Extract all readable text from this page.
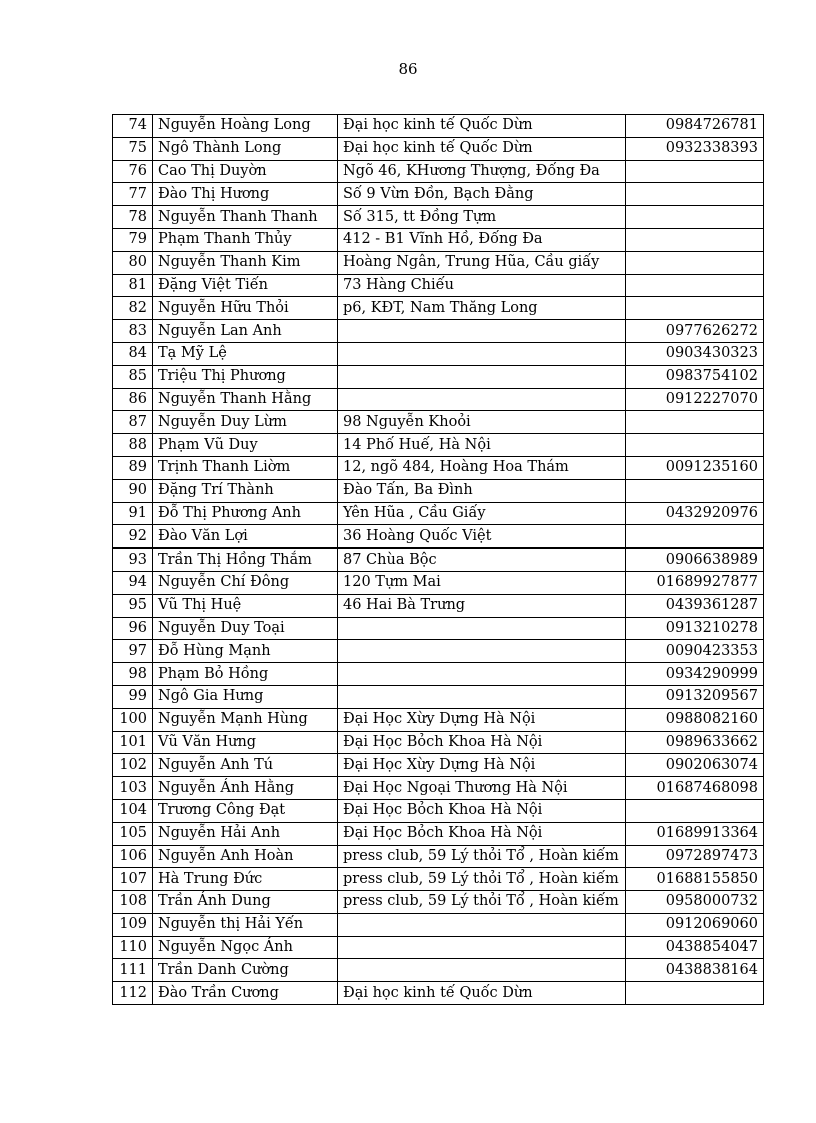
86
74	Nguyễn Hoàng Long	Đại học kinh tế Quốc Dừn	0984726781
75	Ngô Thành Long	Đại học kinh tế Quốc Dừn	0932338393
76	Cao Thị Duyờn	Ngõ 46, KHương Thượng, Đống Đa	
77	Đào Thị Hương	Số 9 Vừn Đồn, Bạch Đằng	
78	Nguyễn Thanh Thanh	Số 315, tt Đồng Tựm	
79	Phạm Thanh Thủy	412 - B1 Vĩnh Hồ, Đống Đa	
80	Nguyễn Thanh Kim	Hoàng Ngân, Trung Hũa, Cầu giấy	
81	Đặng Việt Tiến	73 Hàng Chiếu	
82	Nguyễn Hữu Thỏi	p6, KĐT, Nam Thăng Long	
83	Nguyễn Lan Anh		0977626272
84	Tạ Mỹ Lệ		0903430323
85	Triệu Thị Phương		0983754102
86	Nguyễn Thanh Hằng		0912227070
87	Nguyễn Duy Lừm	98 Nguyễn Khoỏi	
88	Phạm Vũ Duy	14 Phố Huế, Hà Nội	
89	Trịnh Thanh Liờm	12, ngõ 484, Hoàng Hoa Thám	0091235160
90	Đặng Trí Thành	Đào Tấn, Ba Đình	
91	Đỗ Thị Phương Anh	Yên Hũa , Cầu Giấy	0432920976
92	Đào Văn Lợi	36 Hoàng Quốc Việt	
93	Trần Thị Hồng Thắm	87 Chùa Bộc	0906638989
94	Nguyễn Chí Đông	120 Tựm Mai	01689927877
95	Vũ Thị Huệ	46 Hai Bà Trưng	0439361287
96	Nguyễn Duy Toại		0913210278
97	Đỗ Hùng Mạnh		0090423353
98	Phạm Bỏ Hồng		0934290999
99	Ngô Gia Hưng		0913209567
100	Nguyễn Mạnh Hùng	Đại Học Xừy Dựng Hà Nội	0988082160
101	Vũ Văn Hưng	Đại Học Bỏch Khoa Hà Nội	0989633662
102	Nguyễn Anh Tú	Đại Học Xừy Dựng Hà Nội	0902063074
103	Nguyễn Ánh Hằng	Đại Học Ngoại Thương Hà Nội	01687468098
104	Trương Công Đạt	Đại Học Bỏch Khoa Hà Nội	
105	Nguyễn Hải Anh	Đại Học Bỏch Khoa Hà Nội	01689913364
106	Nguyễn Anh Hoàn	press club, 59 Lý thỏi Tổ , Hoàn kiếm	0972897473
107	Hà Trung Đức	press club, 59 Lý thỏi Tổ , Hoàn kiếm	01688155850
108	Trần Ánh Dung	press club, 59 Lý thỏi Tổ , Hoàn kiếm	0958000732
109	Nguyễn thị Hải Yến		0912069060
110	Nguyễn Ngọc Ánh		0438854047
111	Trần Danh Cường		0438838164
112	Đào Trần Cương	Đại học kinh tế Quốc Dừn	
